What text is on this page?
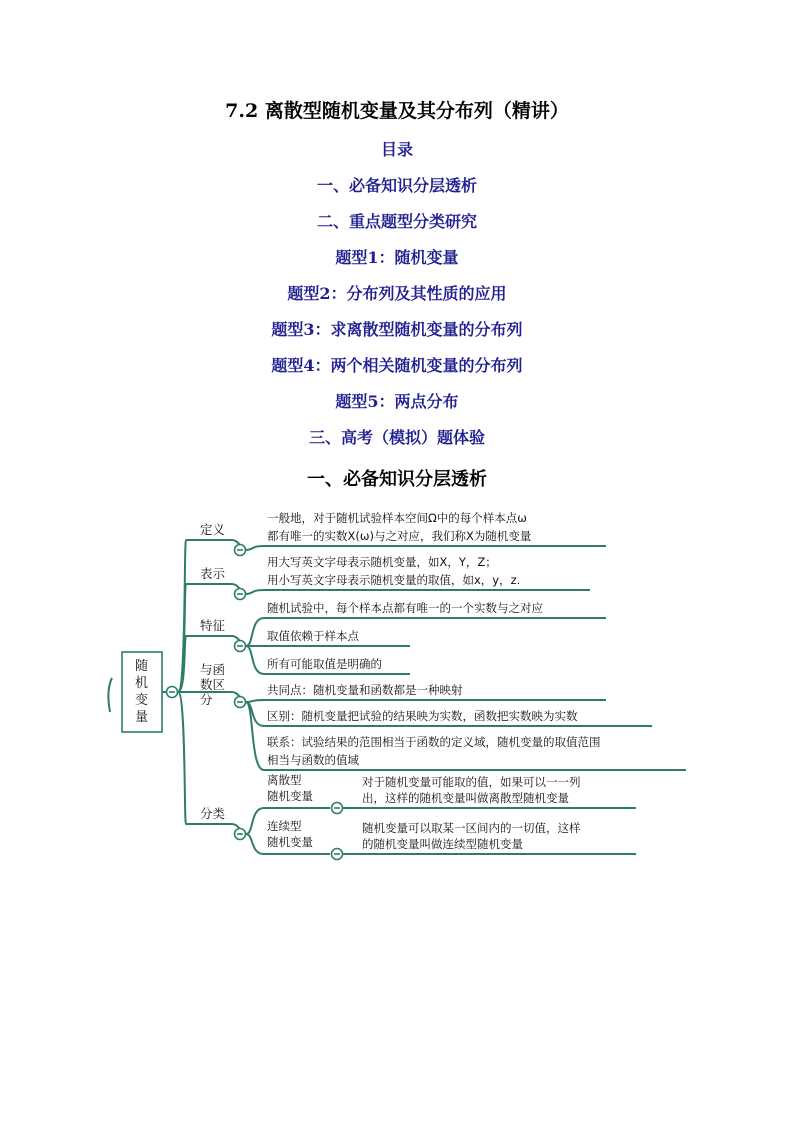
7.2 离散型随机变量及其分布列（精讲）
目录
一、必备知识分层透析
二、重点题型分类研究
题型1：随机变量
题型2：分布列及其性质的应用
题型3：求离散型随机变量的分布列
题型4：两个相关随机变量的分布列
题型5：两点分布
三、高考（模拟）题体验
一、必备知识分层透析
随
机
变
量
定义
一般地，对于随机试验样本空间Ω中的每个样本点ω
都有唯一的实数X(ω)与之对应，我们称X为随机变量
表示
用大写英文字母表示随机变量，如X，Y，Z；
用小写英文字母表示随机变量的取值，如x，y，z.
特征
随机试验中，每个样本点都有唯一的一个实数与之对应
取值依赖于样本点
所有可能取值是明确的
与函
数区
分
共同点：随机变量和函数都是一种映射
区别：随机变量把试验的结果映为实数，函数把实数映为实数
联系：试验结果的范围相当于函数的定义域，随机变量的取值范围
相当与函数的值域
分类
离散型
随机变量
对于随机变量可能取的值，如果可以一一列
出，这样的随机变量叫做离散型随机变量
连续型
随机变量
随机变量可以取某一区间内的一切值，这样
的随机变量叫做连续型随机变量
